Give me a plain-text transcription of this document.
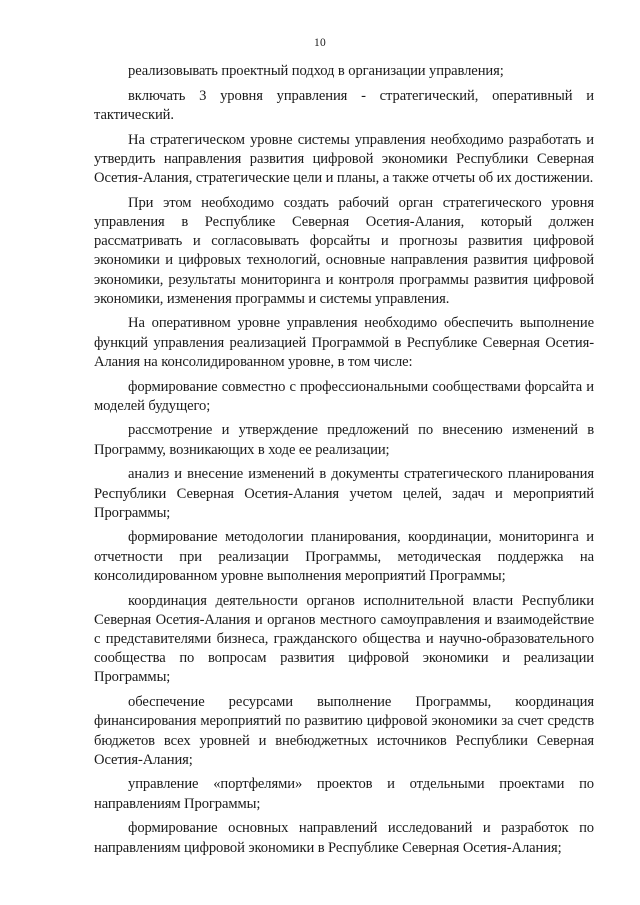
10

реализовывать проектный подход в организации управления;

включать 3 уровня управления - стратегический, оперативный и тактический.

На стратегическом уровне системы управления необходимо разработать и утвердить направления развития цифровой экономики Республики Северная Осетия-Алания, стратегические цели и планы, а также отчеты об их достижении.

При этом необходимо создать рабочий орган стратегического уровня управления в Республике Северная Осетия-Алания, который должен рассматривать и согласовывать форсайты и прогнозы развития цифровой экономики и цифровых технологий, основные направления развития цифровой экономики, результаты мониторинга и контроля программы развития цифровой экономики, изменения программы и системы управления.

На оперативном уровне управления необходимо обеспечить выполнение функций управления реализацией Программой в Республике Северная Осетия-Алания на консолидированном уровне, в том числе:

формирование совместно с профессиональными сообществами форсайта и моделей будущего;

рассмотрение и утверждение предложений по внесению изменений в Программу, возникающих в ходе ее реализации;

анализ и внесение изменений в документы стратегического планирования Республики Северная Осетия-Алания учетом целей, задач и мероприятий Программы;

формирование методологии планирования, координации, мониторинга и отчетности при реализации Программы, методическая поддержка на консолидированном уровне выполнения мероприятий Программы;

координация деятельности органов исполнительной власти Республики Северная Осетия-Алания и органов местного самоуправления и взаимодействие с представителями бизнеса, гражданского общества и научно-образовательного сообщества по вопросам развития цифровой экономики и реализации Программы;

обеспечение ресурсами выполнение Программы, координация финансирования мероприятий по развитию цифровой экономики за счет средств бюджетов всех уровней и внебюджетных источников Республики Северная Осетия-Алания;

управление «портфелями» проектов и отдельными проектами по направлениям Программы;

формирование основных направлений исследований и разработок по направлениям цифровой экономики в Республике Северная Осетия-Алания;
